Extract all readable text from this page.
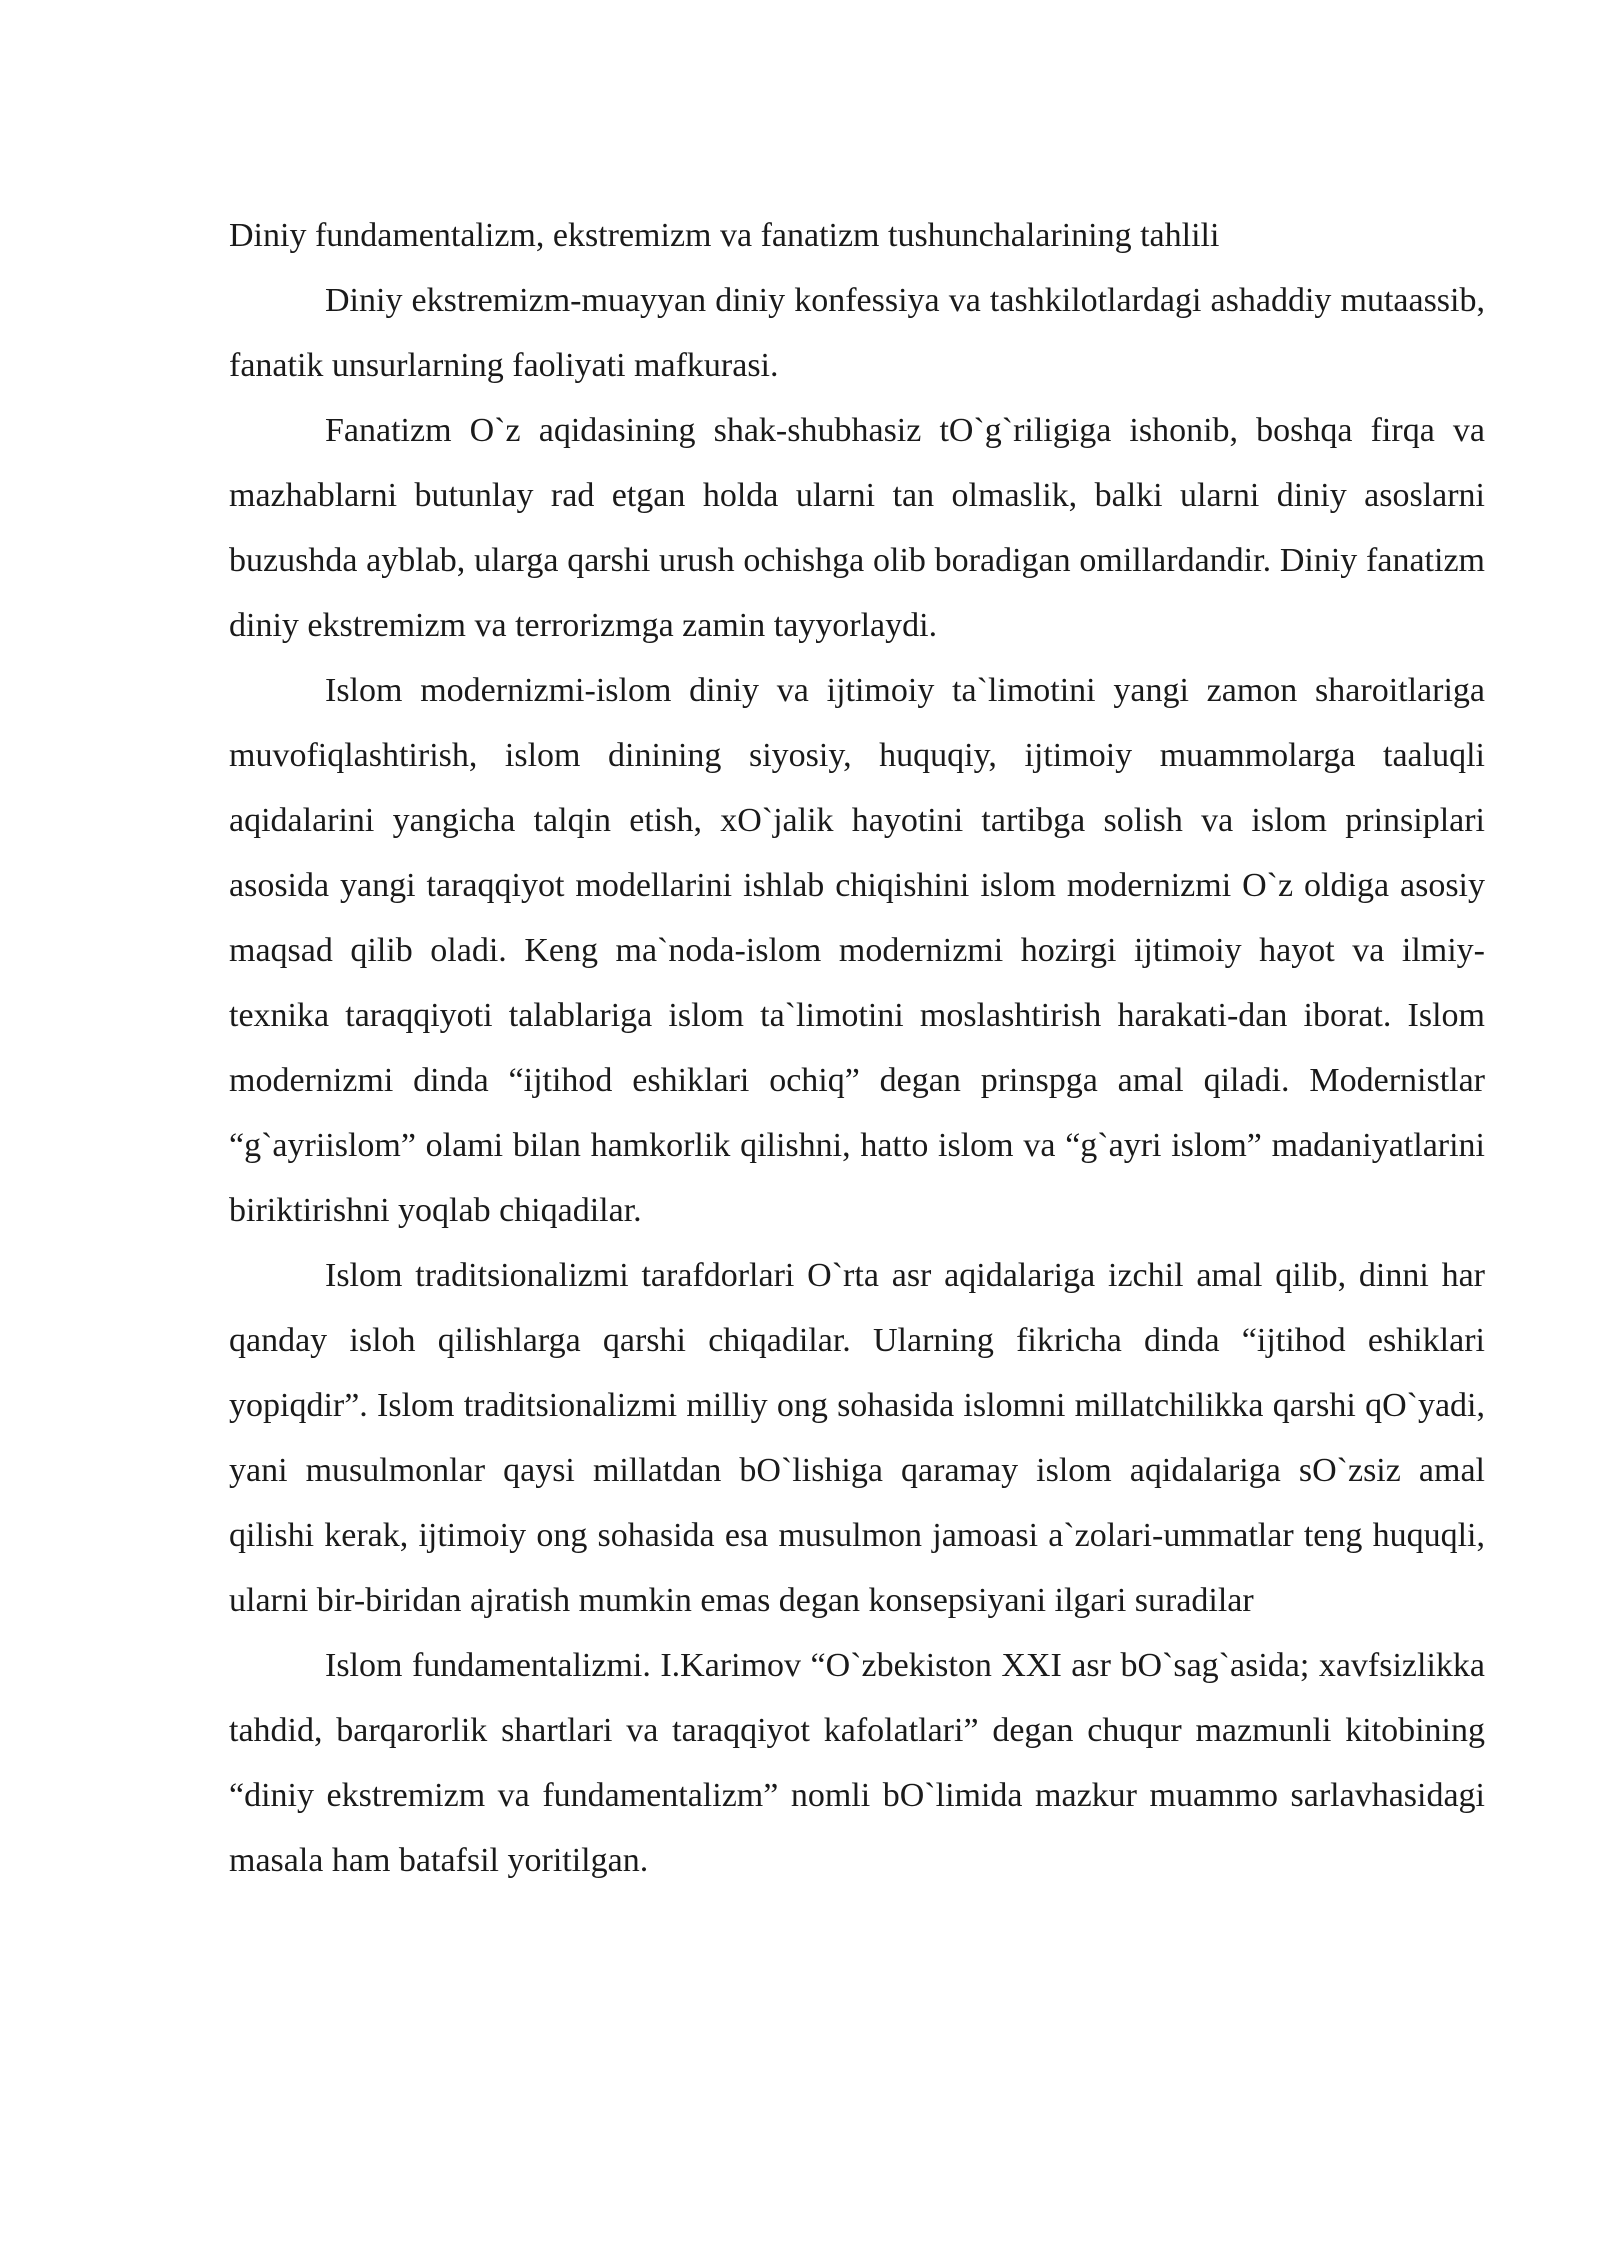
Diniy fundamentalizm, ekstremizm va fanatizm tushunchalarining tahlili

Diniy ekstremizm-muayyan diniy konfessiya va tashkilotlardagi ashaddiy mutaassib, fanatik unsurlarning faoliyati mafkurasi.

Fanatizm O`z aqidasining shak-shubhasiz tO`g`riligiga ishonib, boshqa firqa va mazhablarni butunlay rad etgan holda ularni tan olmaslik, balki ularni diniy asoslarni buzushda ayblab, ularga qarshi urush ochishga olib boradigan omillardandir. Diniy fanatizm diniy ekstremizm va terrorizmga zamin tayyorlaydi.

Islom modernizmi-islom diniy va ijtimoiy ta`limotini yangi zamon sharoitlariga muvofiqlashtirish, islom dinining siyosiy, huquqiy, ijtimoiy muammolarga taaluqli aqidalarini yangicha talqin etish, xO`jalik hayotini tartibga solish va islom prinsiplari asosida yangi taraqqiyot modellarini ishlab chiqishini islom modernizmi O`z oldiga asosiy maqsad qilib oladi. Keng ma`noda-islom modernizmi hozirgi ijtimoiy hayot va ilmiy-texnika taraqqiyoti talablariga islom ta`limotini moslashtirish harakati-dan iborat. Islom modernizmi dinda “ijtihod eshiklari ochiq” degan prinspga amal qiladi. Modernistlar “g`ayriislom” olami bilan hamkorlik qilishni, hatto islom va “g`ayri islom” madaniyatlarini biriktirishni yoqlab chiqadilar.

Islom traditsionalizmi tarafdorlari O`rta asr aqidalariga izchil amal qilib, dinni har qanday isloh qilishlarga qarshi chiqadilar. Ularning fikricha dinda “ijtihod eshiklari yopiqdir”. Islom traditsionalizmi milliy ong sohasida islomni millatchilikka qarshi qO`yadi, yani musulmonlar qaysi millatdan bO`lishiga qaramay islom aqidalariga sO`zsiz amal qilishi kerak, ijtimoiy ong sohasida esa musulmon jamoasi a`zolari-ummatlar teng huquqli, ularni bir-biridan ajratish mumkin emas degan konsepsiyani ilgari suradilar

Islom fundamentalizmi. I.Karimov “O`zbekiston XXI asr bO`sag`asida; xavfsizlikka tahdid, barqarorlik shartlari va taraqqiyot kafolatlari” degan chuqur mazmunli kitobining “diniy ekstremizm va fundamentalizm” nomli bO`limida mazkur muammo sarlavhasidagi masala ham batafsil yoritilgan.
